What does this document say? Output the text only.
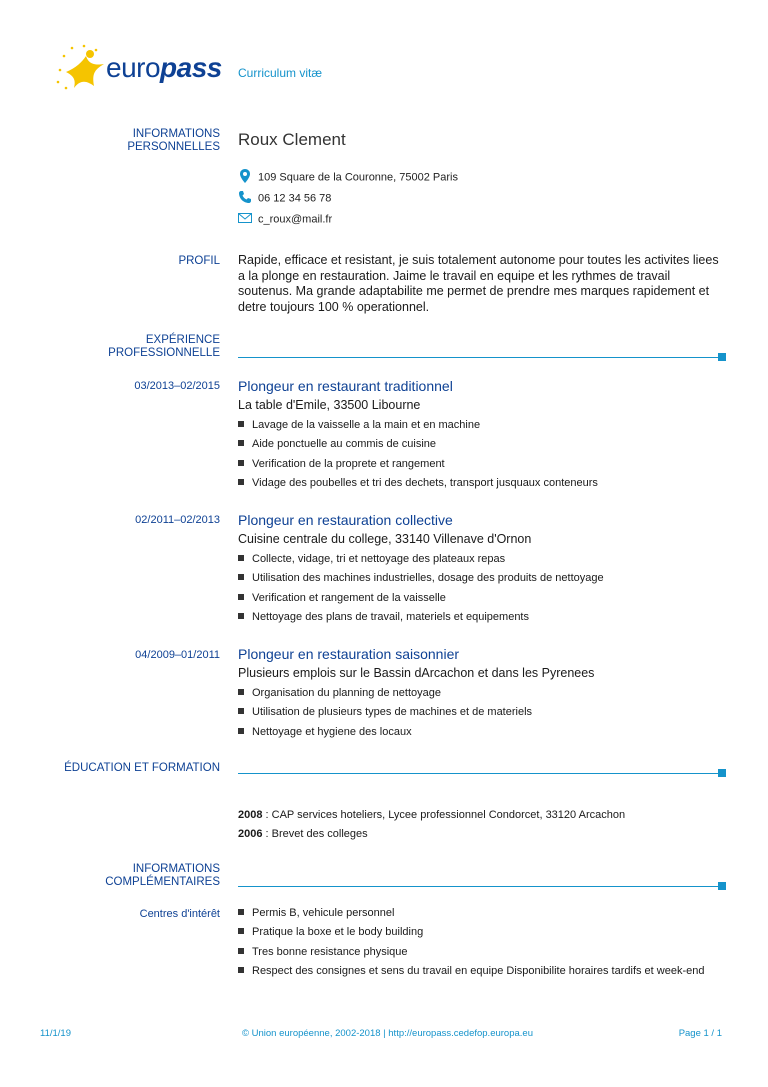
europass Curriculum vitæ
INFORMATIONS
PERSONNELLES Roux Clement
109 Square de la Couronne, 75002 Paris
06 12 34 56 78
c_roux@mail.fr
PROFIL Rapide, efficace et resistant, je suis totalement autonome pour toutes les activites liees a la plonge en restauration. Jaime le travail en equipe et les rythmes de travail soutenus. Ma grande adaptabilite me permet de prendre mes marques rapidement et detre toujours 100 % operationnel.
EXPÉRIENCE
PROFESSIONNELLE
03/2013–02/2015 Plongeur en restaurant traditionnel
La table d'Emile, 33500 Libourne
Lavage de la vaisselle a la main et en machine
Aide ponctuelle au commis de cuisine
Verification de la proprete et rangement
Vidage des poubelles et tri des dechets, transport jusquaux conteneurs
02/2011–02/2013 Plongeur en restauration collective
Cuisine centrale du college, 33140 Villenave d'Ornon
Collecte, vidage, tri et nettoyage des plateaux repas
Utilisation des machines industrielles, dosage des produits de nettoyage
Verification et rangement de la vaisselle
Nettoyage des plans de travail, materiels et equipements
04/2009–01/2011 Plongeur en restauration saisonnier
Plusieurs emplois sur le Bassin dArcachon et dans les Pyrenees
Organisation du planning de nettoyage
Utilisation de plusieurs types de machines et de materiels
Nettoyage et hygiene des locaux
ÉDUCATION ET FORMATION
2008 : CAP services hoteliers, Lycee professionnel Condorcet, 33120 Arcachon
2006 : Brevet des colleges
INFORMATIONS
COMPLÉMENTAIRES
Centres d'intérêt	Permis B, vehicule personnel
Pratique la boxe et le body building
Tres bonne resistance physique
Respect des consignes et sens du travail en equipe Disponibilite horaires tardifs et week-end
11/1/19	© Union européenne, 2002-2018 | http://europass.cedefop.europa.eu	Page 1 / 1
